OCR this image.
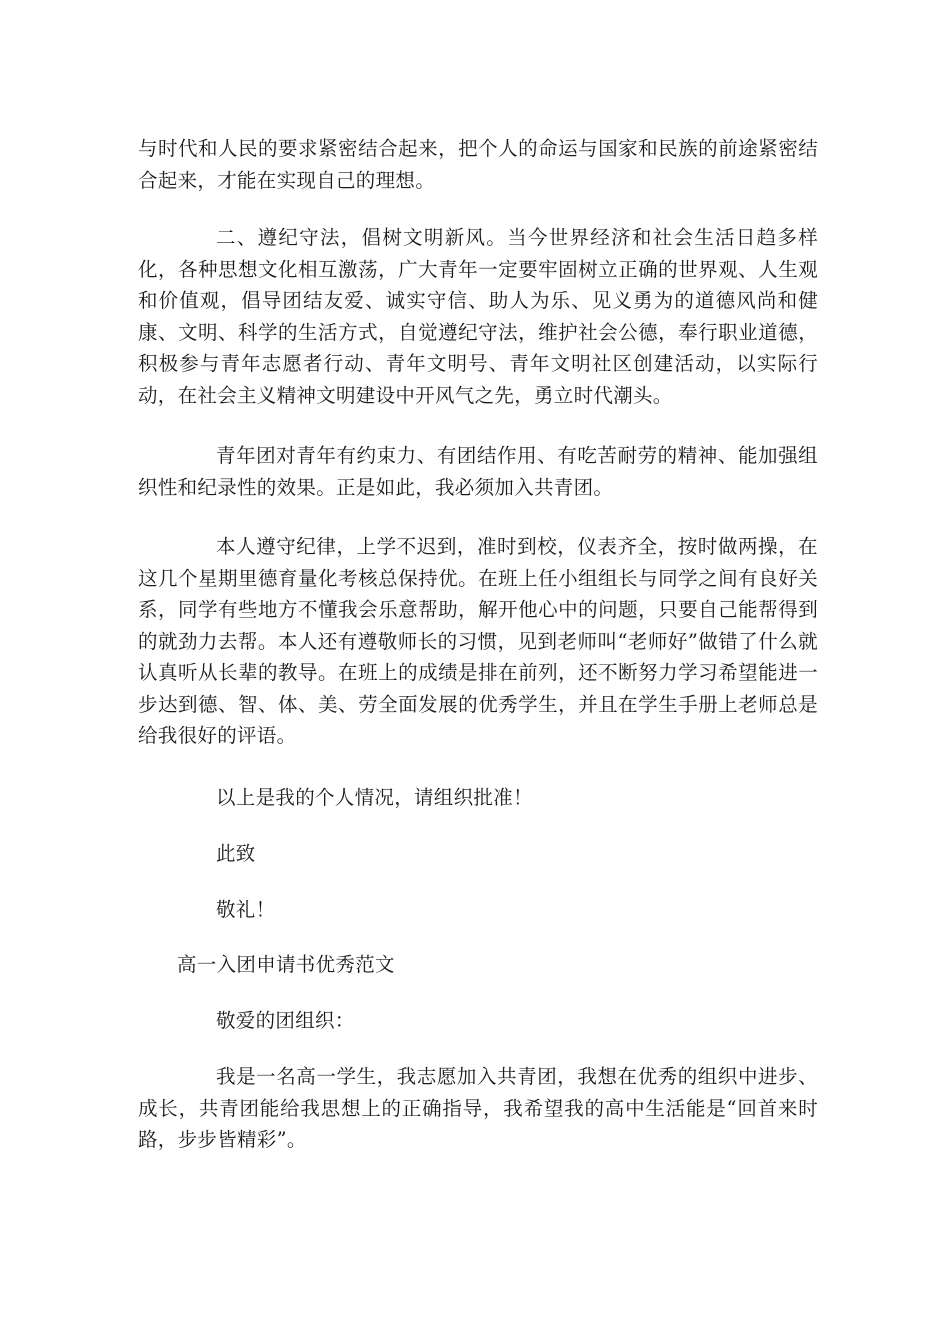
与时代和人民的要求紧密结合起来，把个人的命运与国家和民族的前途紧密结合起来，才能在实现自己的理想。

二、遵纪守法，倡树文明新风。当今世界经济和社会生活日趋多样化，各种思想文化相互激荡，广大青年一定要牢固树立正确的世界观、人生观和价值观，倡导团结友爱、诚实守信、助人为乐、见义勇为的道德风尚和健康、文明、科学的生活方式，自觉遵纪守法，维护社会公德，奉行职业道德，积极参与青年志愿者行动、青年文明号、青年文明社区创建活动，以实际行动，在社会主义精神文明建设中开风气之先，勇立时代潮头。

青年团对青年有约束力、有团结作用、有吃苦耐劳的精神、能加强组织性和纪录性的效果。正是如此，我必须加入共青团。

本人遵守纪律，上学不迟到，准时到校，仪表齐全，按时做两操，在这几个星期里德育量化考核总保持优。在班上任小组组长与同学之间有良好关系，同学有些地方不懂我会乐意帮助，解开他心中的问题，只要自己能帮得到的就劲力去帮。本人还有遵敬师长的习惯，见到老师叫“老师好”做错了什么就认真听从长辈的教导。在班上的成绩是排在前列，还不断努力学习希望能进一步达到德、智、体、美、劳全面发展的优秀学生，并且在学生手册上老师总是给我很好的评语。

以上是我的个人情况，请组织批准！

此致

敬礼！

高一入团申请书优秀范文

敬爱的团组织：

我是一名高一学生，我志愿加入共青团，我想在优秀的组织中进步、成长，共青团能给我思想上的正确指导，我希望我的高中生活能是“回首来时路，步步皆精彩”。
